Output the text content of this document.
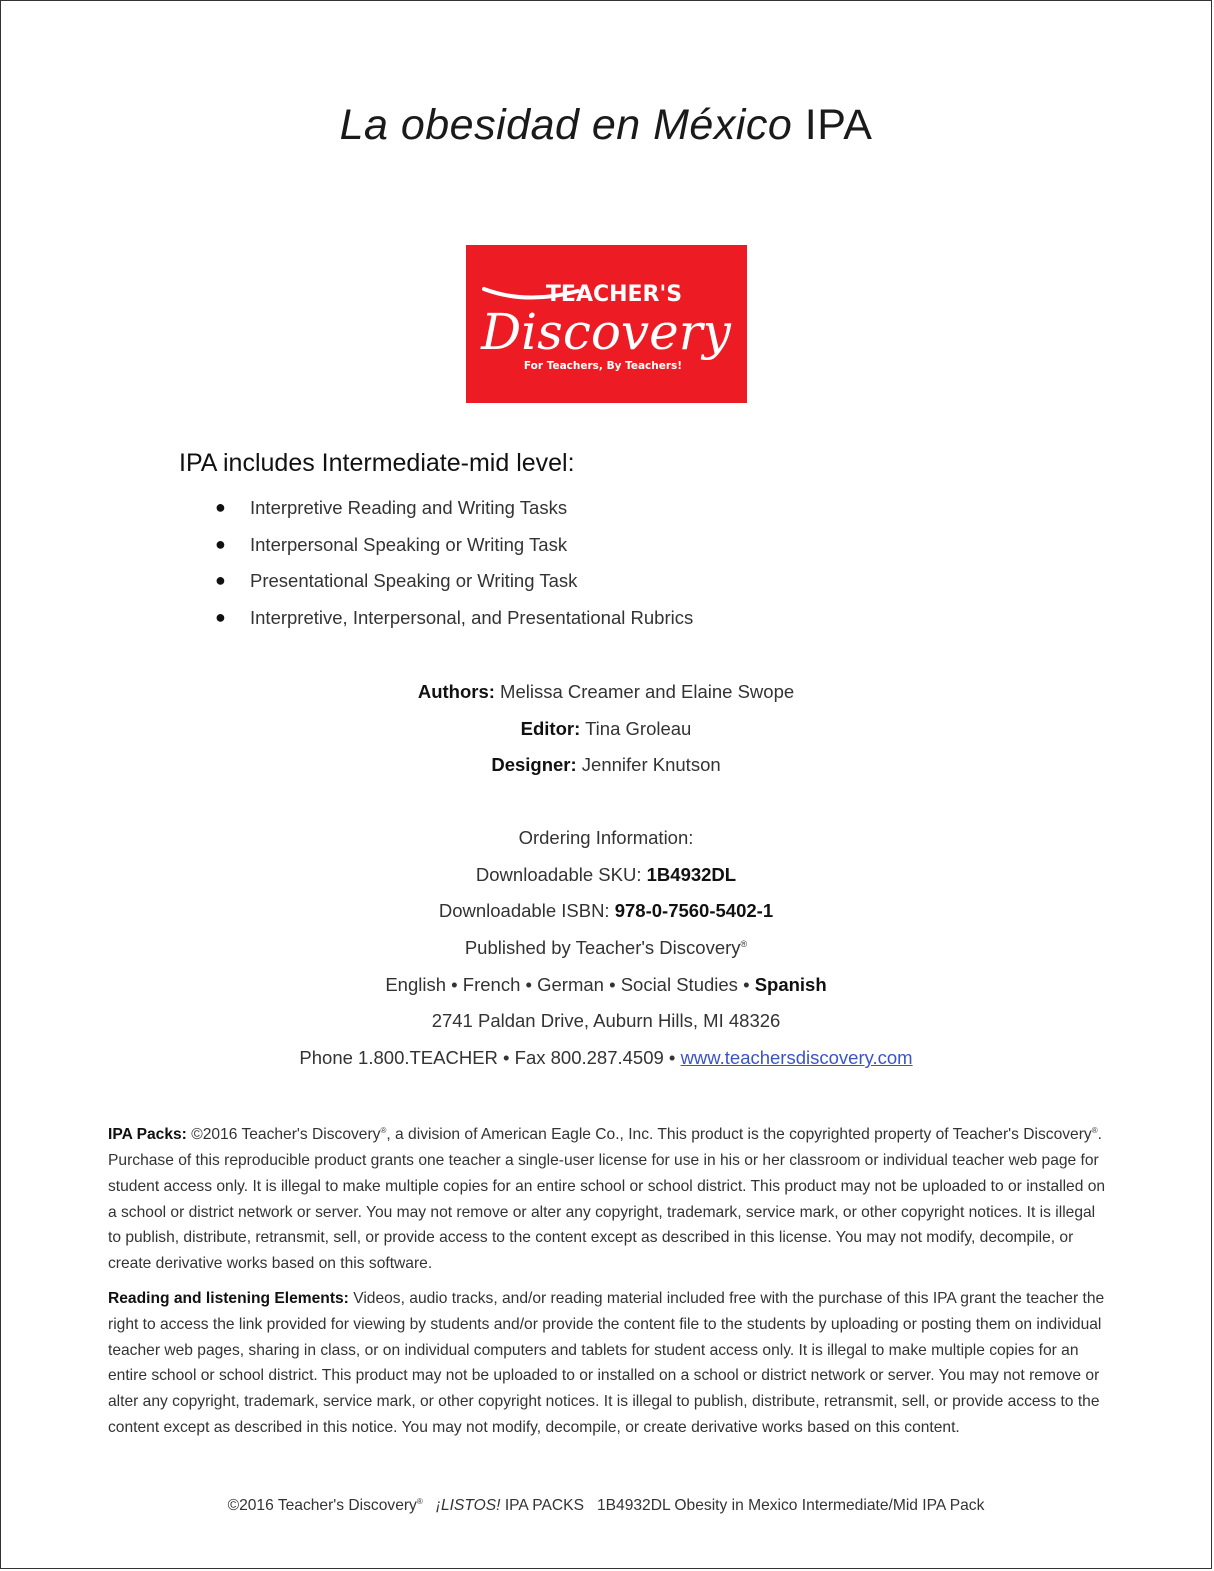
La obesidad en México IPA
TEACHER'S
Discovery
For Teachers, By Teachers!
IPA includes Intermediate-mid level:
●	Interpretive Reading and Writing Tasks
●	Interpersonal Speaking or Writing Task
●	Presentational Speaking or Writing Task
●	Interpretive, Interpersonal, and Presentational Rubrics
Authors: Melissa Creamer and Elaine Swope
Editor: Tina Groleau
Designer: Jennifer Knutson
Ordering Information:
Downloadable SKU: 1B4932DL
Downloadable ISBN: 978-0-7560-5402-1
Published by Teacher's Discovery®
English • French • German • Social Studies • Spanish
2741 Paldan Drive, Auburn Hills, MI 48326
Phone 1.800.TEACHER • Fax 800.287.4509 • www.teachersdiscovery.com
IPA Packs: ©2016 Teacher's Discovery®, a division of American Eagle Co., Inc. This product is the copyrighted property of Teacher's Discovery®. Purchase of this reproducible product grants one teacher a single-user license for use in his or her classroom or individual teacher web page for student access only. It is illegal to make multiple copies for an entire school or school district. This product may not be uploaded to or installed on a school or district network or server. You may not remove or alter any copyright, trademark, service mark, or other copyright notices. It is illegal to publish, distribute, retransmit, sell, or provide access to the content except as described in this license. You may not modify, decompile, or create derivative works based on this software.
Reading and listening Elements: Videos, audio tracks, and/or reading material included free with the purchase of this IPA grant the teacher the right to access the link provided for viewing by students and/or provide the content file to the students by uploading or posting them on individual teacher web pages, sharing in class, or on individual computers and tablets for student access only. It is illegal to make multiple copies for an entire school or school district. This product may not be uploaded to or installed on a school or district network or server. You may not remove or alter any copyright, trademark, service mark, or other copyright notices. It is illegal to publish, distribute, retransmit, sell, or provide access to the content except as described in this notice. You may not modify, decompile, or create derivative works based on this content.
©2016 Teacher's Discovery® ¡LISTOS! IPA PACKS   1B4932DL Obesity in Mexico Intermediate/Mid IPA Pack
